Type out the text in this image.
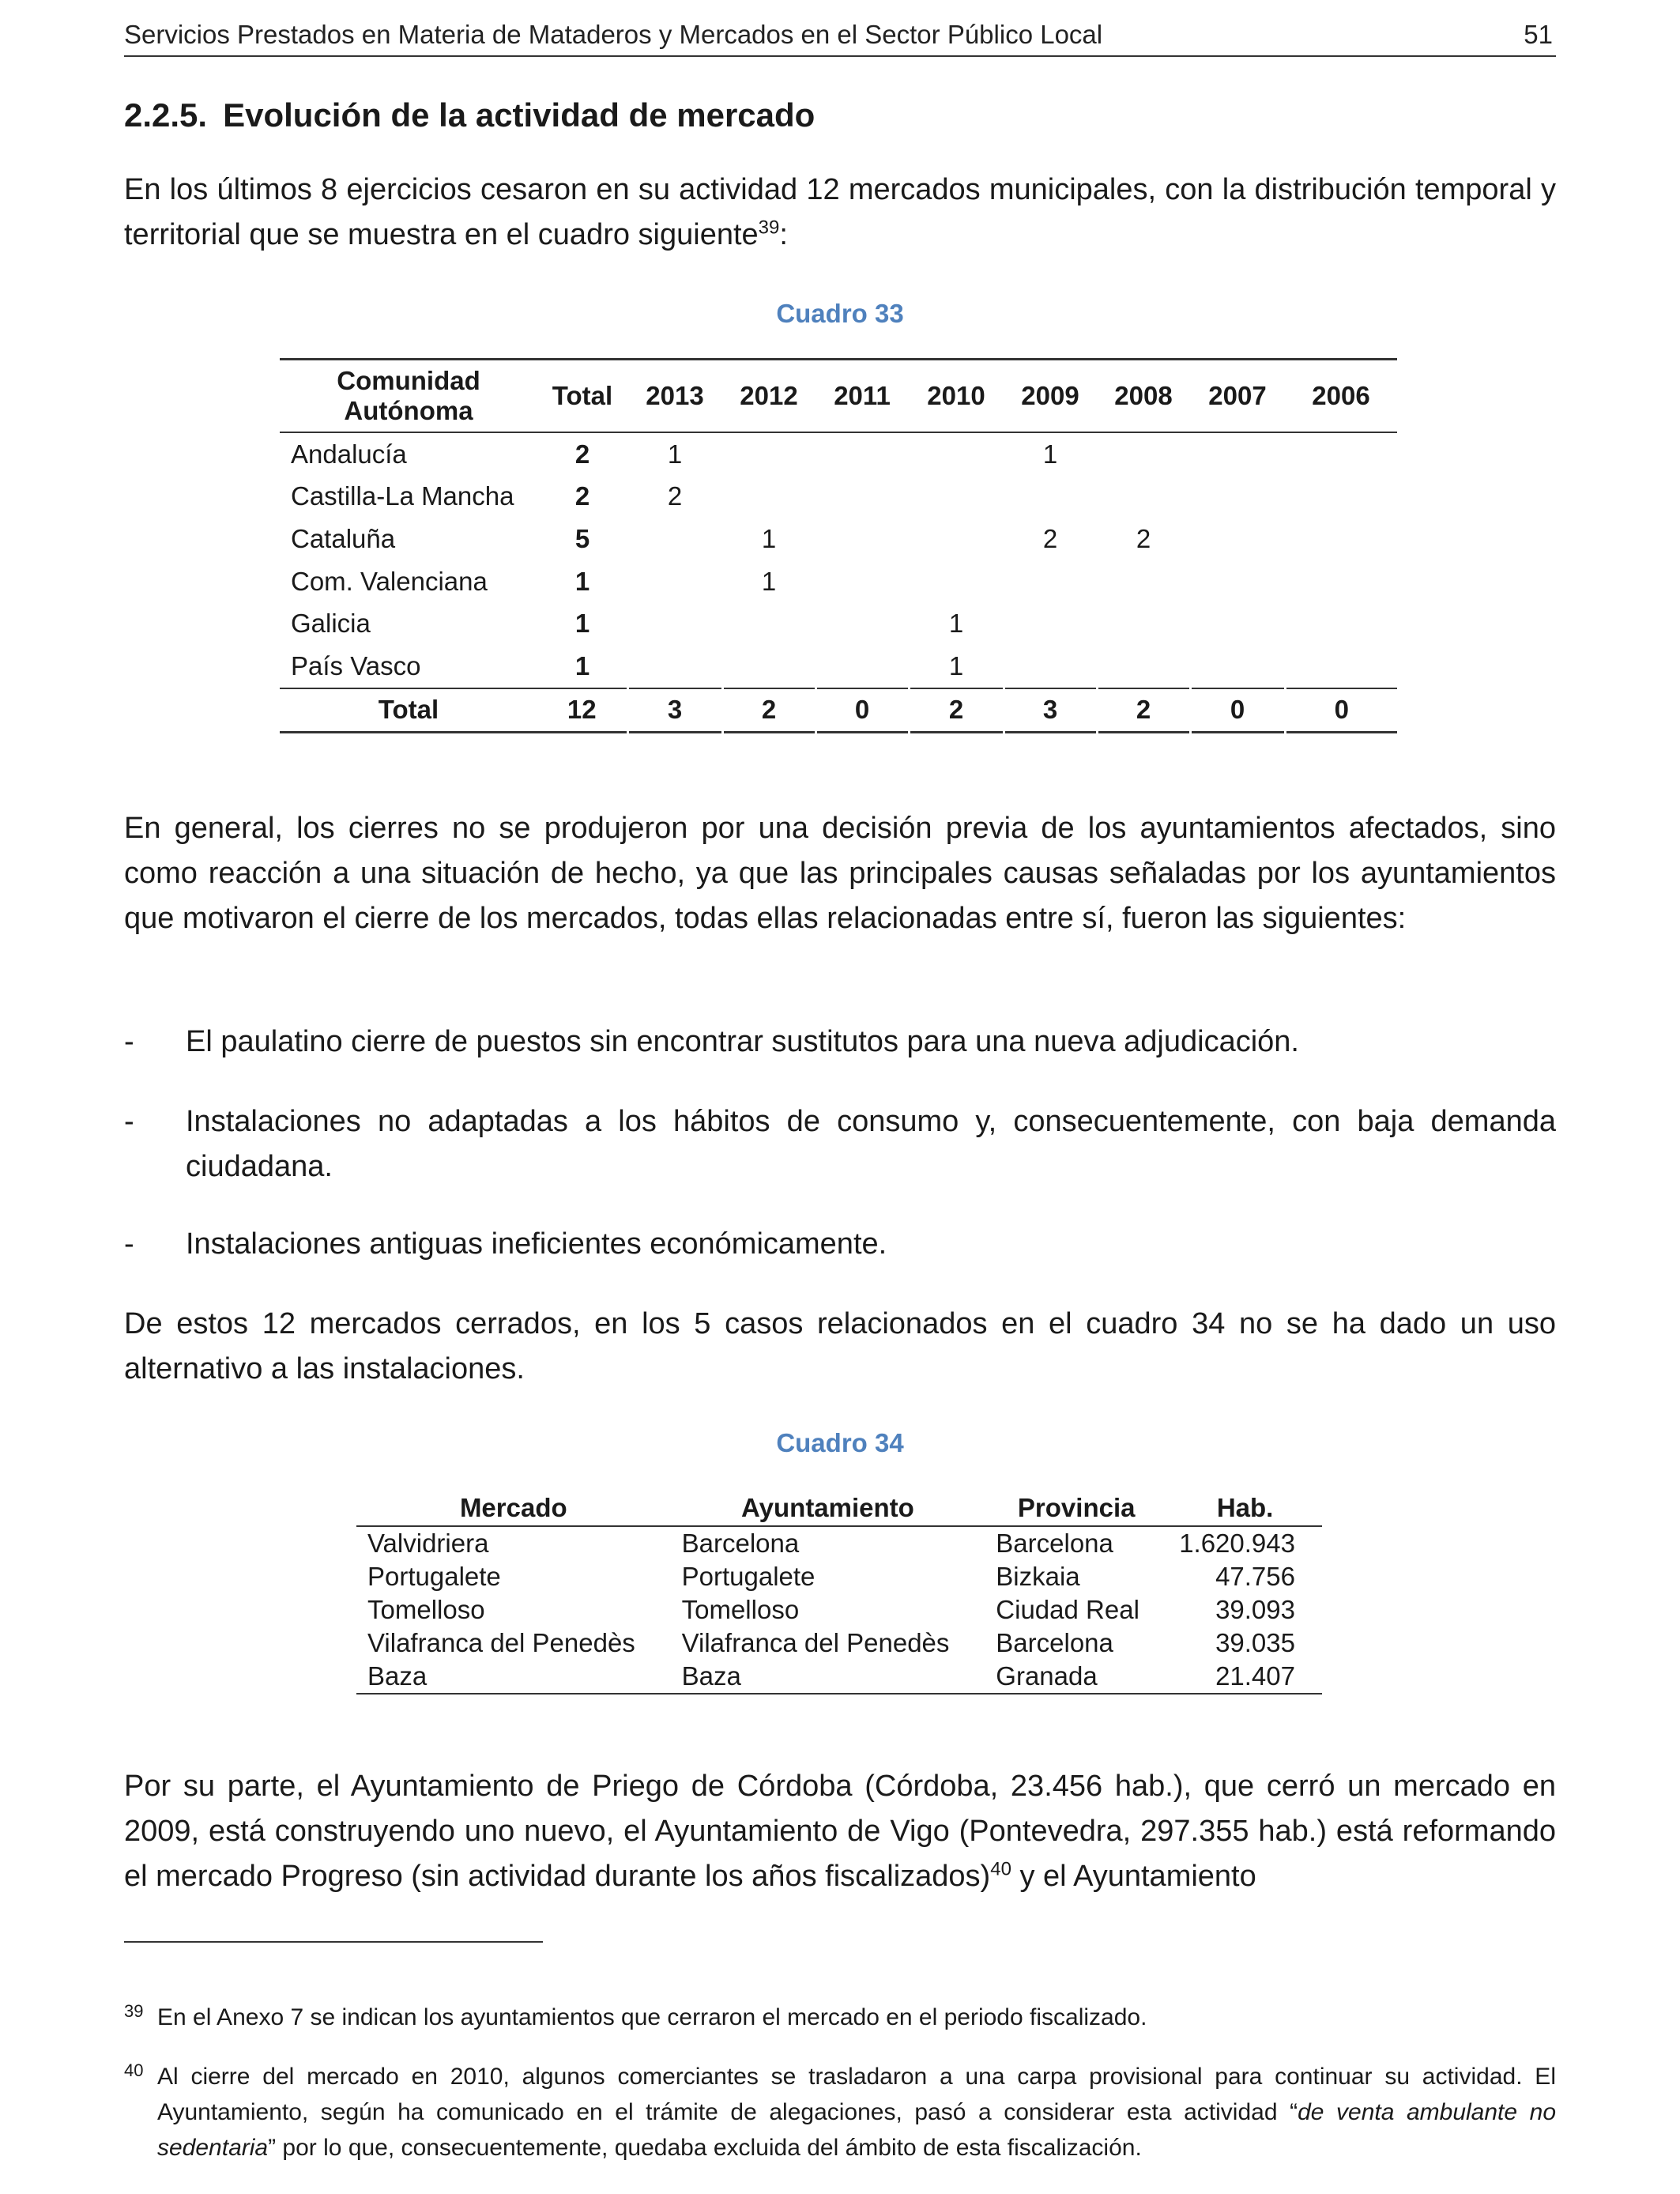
Servicios Prestados en Materia de Mataderos y Mercados en el Sector Público Local	51
2.2.5. Evolución de la actividad de mercado
En los últimos 8 ejercicios cesaron en su actividad 12 mercados municipales, con la distribución temporal y territorial que se muestra en el cuadro siguiente$^{39}$:
Cuadro 33
Comunidad Autónoma	Total	2013	2012	2011	2010	2009	2008	2007	2006
Andalucía	2	1				1			
Castilla-La Mancha	2	2							
Cataluña	5		1			2	2		
Com. Valenciana	1		1						
Galicia	1				1				
País Vasco	1				1				
Total	12	3	2	0	2	3	2	0	0
En general, los cierres no se produjeron por una decisión previa de los ayuntamientos afectados, sino como reacción a una situación de hecho, ya que las principales causas señaladas por los ayuntamientos que motivaron el cierre de los mercados, todas ellas relacionadas entre sí, fueron las siguientes:
- El paulatino cierre de puestos sin encontrar sustitutos para una nueva adjudicación.
- Instalaciones no adaptadas a los hábitos de consumo y, consecuentemente, con baja demanda ciudadana.
- Instalaciones antiguas ineficientes económicamente.
De estos 12 mercados cerrados, en los 5 casos relacionados en el cuadro 34 no se ha dado un uso alternativo a las instalaciones.
Cuadro 34
Mercado	Ayuntamiento	Provincia	Hab.
Valvidriera	Barcelona	Barcelona	1.620.943
Portugalete	Portugalete	Bizkaia	47.756
Tomelloso	Tomelloso	Ciudad Real	39.093
Vilafranca del Penedès	Vilafranca del Penedès	Barcelona	39.035
Baza	Baza	Granada	21.407
Por su parte, el Ayuntamiento de Priego de Córdoba (Córdoba, 23.456 hab.), que cerró un mercado en 2009, está construyendo uno nuevo, el Ayuntamiento de Vigo (Pontevedra, 297.355 hab.) está reformando el mercado Progreso (sin actividad durante los años fiscalizados)$^{40}$ y el Ayuntamiento
39 En el Anexo 7 se indican los ayuntamientos que cerraron el mercado en el periodo fiscalizado.
40 Al cierre del mercado en 2010, algunos comerciantes se trasladaron a una carpa provisional para continuar su actividad. El Ayuntamiento, según ha comunicado en el trámite de alegaciones, pasó a considerar esta actividad “de venta ambulante no sedentaria” por lo que, consecuentemente, quedaba excluida del ámbito de esta fiscalización.
